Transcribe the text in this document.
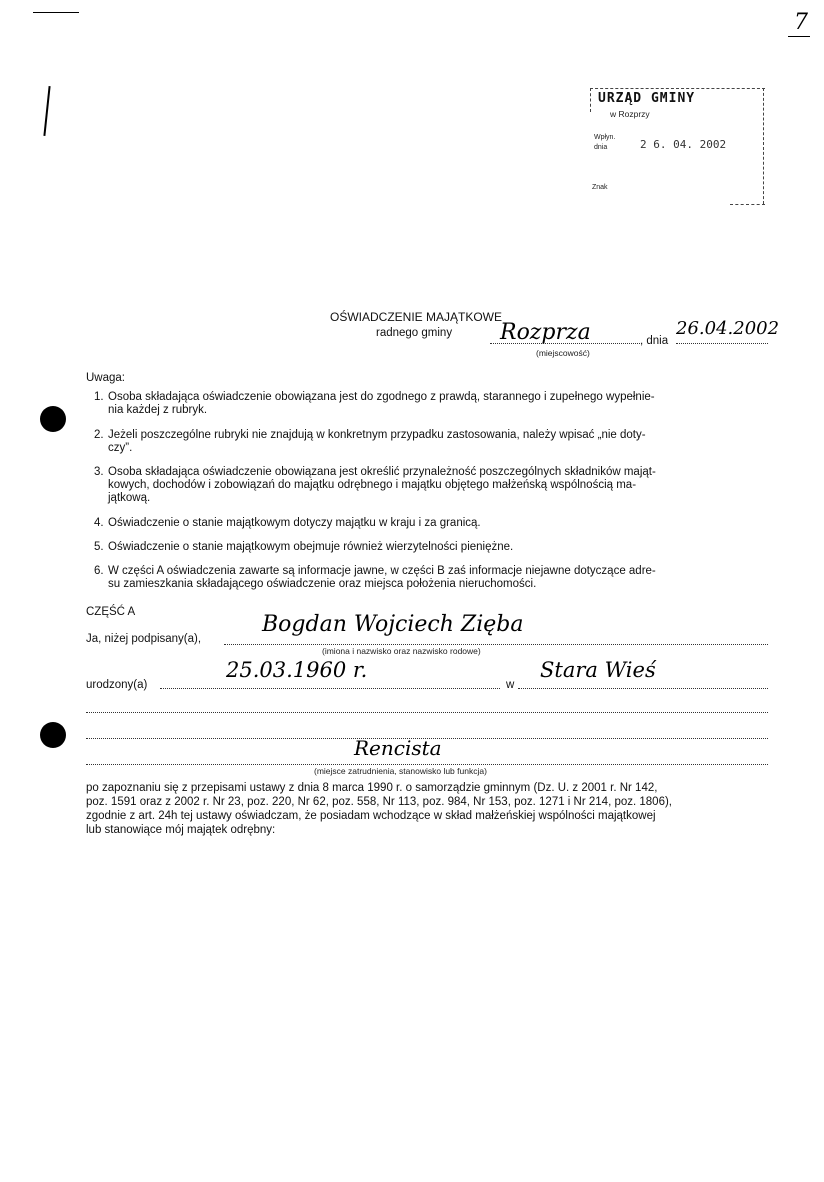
7
URZĄD GMINY
w Rozprzy
Wpłyn.
dnia	2 6. 04. 2002
Znak
OŚWIADCZENIE MAJĄTKOWE
radnego gminy Rozprza
(miejscowość)
, dnia
26.04.2002
Uwaga:
1. Osoba składająca oświadczenie obowiązana jest do zgodnego z prawdą, starannego i zupełnego wypełnie-
nia każdej z rubryk.
2. Jeżeli poszczególne rubryki nie znajdują w konkretnym przypadku zastosowania, należy wpisać „nie doty-
czy”.
3. Osoba składająca oświadczenie obowiązana jest określić przynależność poszczególnych składników mająt-
kowych, dochodów i zobowiązań do majątku odrębnego i majątku objętego małżeńską wspólnością ma-
jątkową.
4. Oświadczenie o stanie majątkowym dotyczy majątku w kraju i za granicą.
5. Oświadczenie o stanie majątkowym obejmuje również wierzytelności pieniężne.
6. W części A oświadczenia zawarte są informacje jawne, w części B zaś informacje niejawne dotyczące adre-
su zamieszkania składającego oświadczenie oraz miejsca położenia nieruchomości.
CZĘŚĆ A
Ja, niżej podpisany(a),
Bogdan Wojciech Zięba
(imiona i nazwisko oraz nazwisko rodowe)
urodzony(a)
25.03.1960 r.
w
Stara Wieś
Rencista
(miejsce zatrudnienia, stanowisko lub funkcja)
po zapoznaniu się z przepisami ustawy z dnia 8 marca 1990 r. o samorządzie gminnym (Dz. U. z 2001 r. Nr 142,
poz. 1591 oraz z 2002 r. Nr 23, poz. 220, Nr 62, poz. 558, Nr 113, poz. 984, Nr 153, poz. 1271 i Nr 214, poz. 1806),
zgodnie z art. 24h tej ustawy oświadczam, że posiadam wchodzące w skład małżeńskiej wspólności majątkowej
lub stanowiące mój majątek odrębny:
